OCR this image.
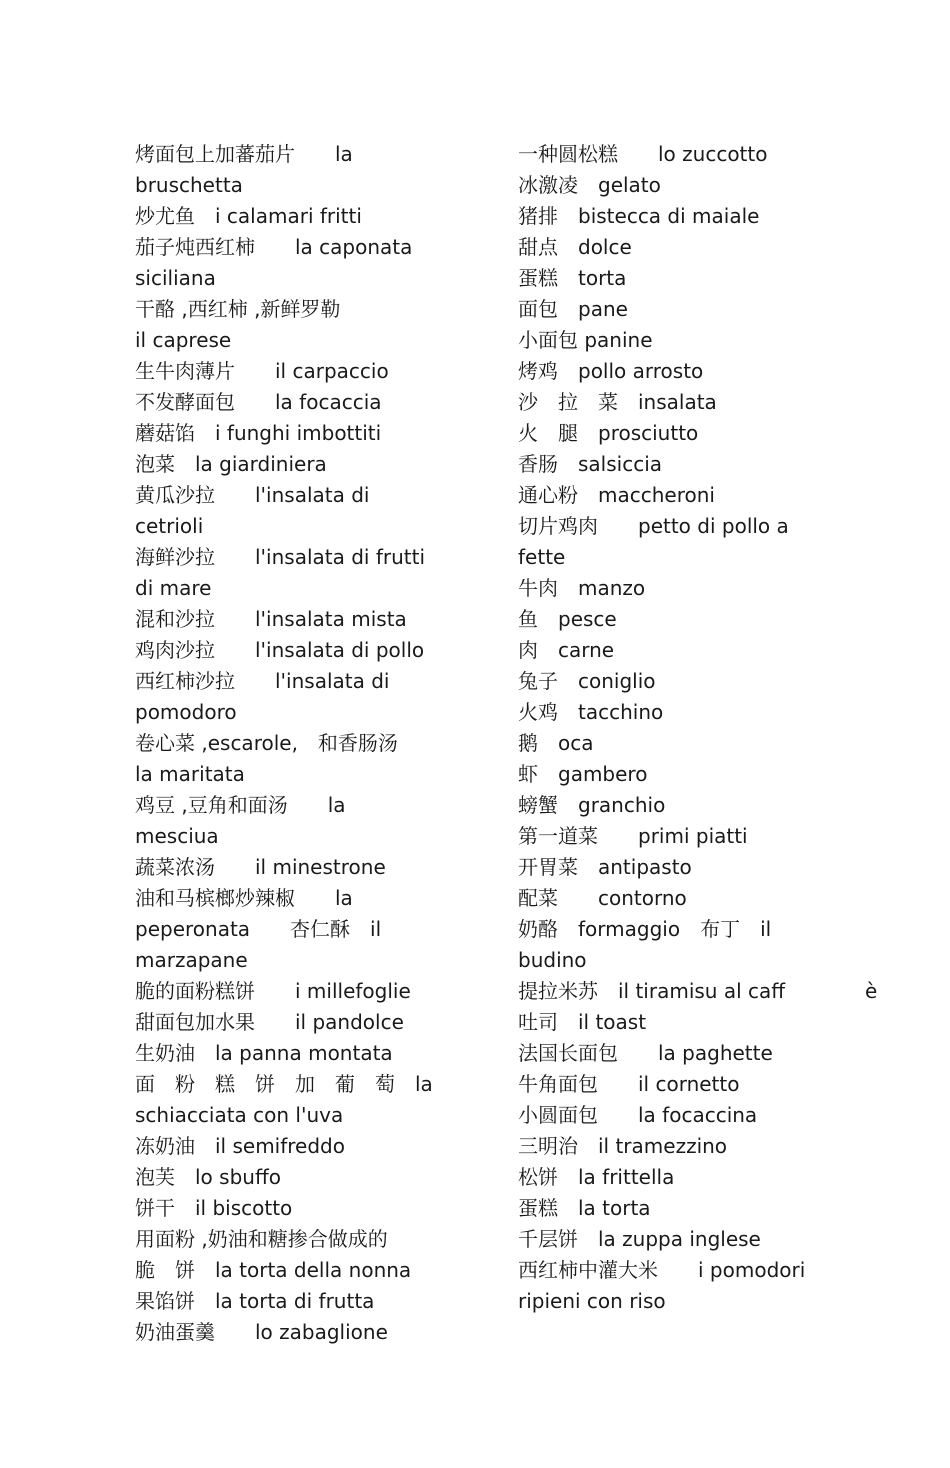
烤面包上加蕃茄片　　la
bruschetta
炒尤鱼　i calamari fritti
茄子炖西红柿　　la caponata
siciliana
干酪 ,西红柿 ,新鲜罗勒
il caprese
生牛肉薄片　　il carpaccio
不发酵面包　　la focaccia
蘑菇馅　i funghi imbottiti
泡菜　la giardiniera
黄瓜沙拉　　l'insalata di
cetrioli
海鲜沙拉　　l'insalata di frutti
di mare
混和沙拉　　l'insalata mista
鸡肉沙拉　　l'insalata di pollo
西红柿沙拉　　l'insalata di
pomodoro
卷心菜 ,escarole,　和香肠汤
la maritata
鸡豆 ,豆角和面汤　　la
mesciua
蔬菜浓汤　　il minestrone
油和马槟榔炒辣椒　　la
peperonata　　杏仁酥　il
marzapane
脆的面粉糕饼　　i millefoglie
甜面包加水果　　il pandolce
生奶油　la panna montata
面　粉　糕　饼　加　葡　萄　la
schiacciata con l'uva
冻奶油　il semifreddo
泡芙　lo sbuffo
饼干　il biscotto
用面粉 ,奶油和糖掺合做成的
脆　饼　la torta della nonna
果馅饼　la torta di frutta
奶油蛋羹　　lo zabaglione
一种圆松糕　　lo zuccotto
冰激凌　gelato
猪排　bistecca di maiale
甜点　dolce
蛋糕　torta
面包　pane
小面包 panine
烤鸡　pollo arrosto
沙　拉　菜　insalata
火　腿　prosciutto
香肠　salsiccia
通心粉　maccheroni
切片鸡肉　　petto di pollo a
fette
牛肉　manzo
鱼　pesce
肉　carne
兔子　coniglio
火鸡　tacchino
鹅　oca
虾　gambero
螃蟹　granchio
第一道菜　　primi piatti
开胃菜　antipasto
配菜　　contorno
奶酪　formaggio　布丁　il
budino
提拉米苏　il tiramisu al caff　　　　è
吐司　il toast
法国长面包　　la paghette
牛角面包　　il cornetto
小圆面包　　la focaccina
三明治　il tramezzino
松饼　la frittella
蛋糕　la torta
千层饼　la zuppa inglese
西红柿中灌大米　　i pomodori
ripieni con riso
